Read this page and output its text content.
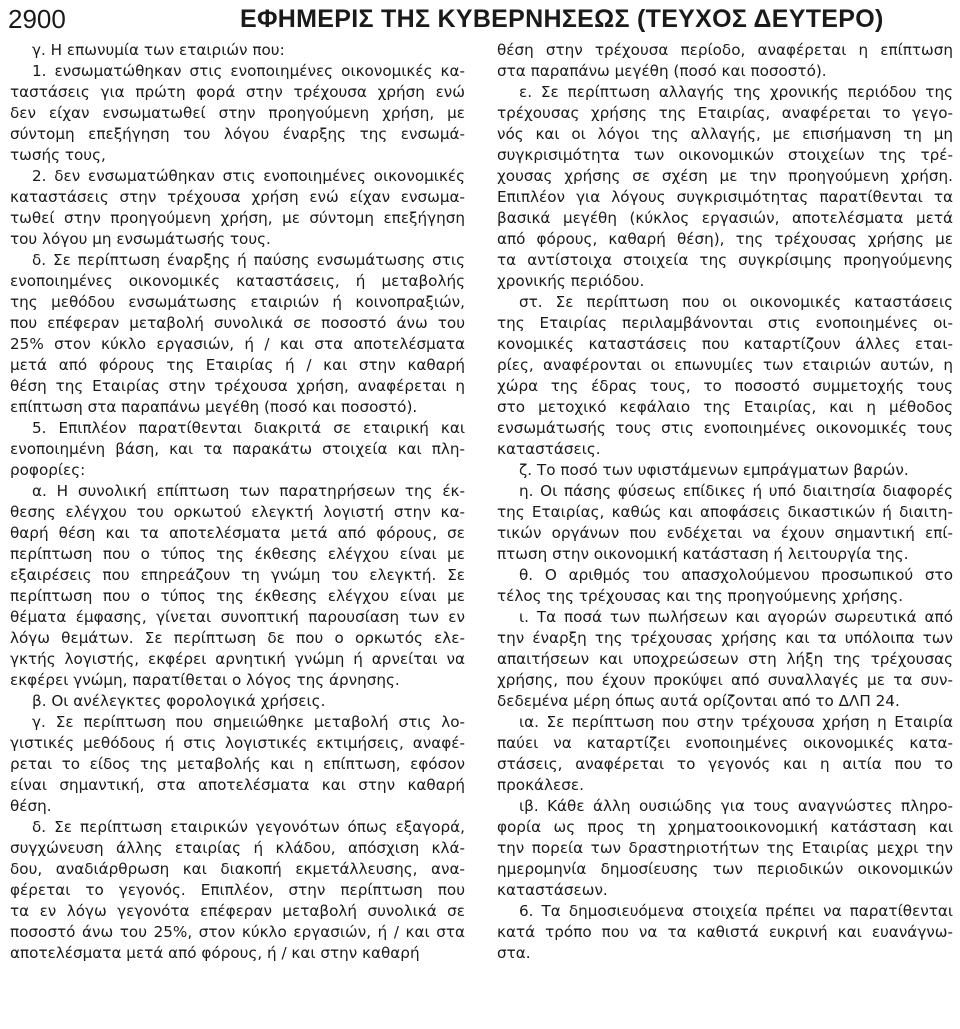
2900	ΕΦΗΜΕΡΙΣ ΤΗΣ ΚΥΒΕΡΝΗΣΕΩΣ (ΤΕΥΧΟΣ ΔΕΥΤΕΡΟ)
γ. Η επωνυμία των εταιριών που:
1. ενσωματώθηκαν στις ενοποιημένες οικονομικές κα-
ταστάσεις για πρώτη φορά στην τρέχουσα χρήση ενώ
δεν είχαν ενσωματωθεί στην προηγούμενη χρήση, με
σύντομη επεξήγηση του λόγου έναρξης της ενσωμά-
τωσής τους,
2. δεν ενσωματώθηκαν στις ενοποιημένες οικονομικές
καταστάσεις στην τρέχουσα χρήση ενώ είχαν ενσωμα-
τωθεί στην προηγούμενη χρήση, με σύντομη επεξήγηση
του λόγου μη ενσωμάτωσής τους.
δ. Σε περίπτωση έναρξης ή παύσης ενσωμάτωσης στις
ενοποιημένες οικονομικές καταστάσεις, ή μεταβολής
της μεθόδου ενσωμάτωσης εταιριών ή κοινοπραξιών,
που επέφεραν μεταβολή συνολικά σε ποσοστό άνω του
25% στον κύκλο εργασιών, ή / και στα αποτελέσματα
μετά από φόρους της Εταιρίας ή / και στην καθαρή
θέση της Εταιρίας στην τρέχουσα χρήση, αναφέρεται η
επίπτωση στα παραπάνω μεγέθη (ποσό και ποσοστό).
5. Επιπλέον παρατίθενται διακριτά σε εταιρική και
ενοποιημένη βάση, και τα παρακάτω στοιχεία και πλη-
ροφορίες:
α. Η συνολική επίπτωση των παρατηρήσεων της έκ-
θεσης ελέγχου του ορκωτού ελεγκτή λογιστή στην κα-
θαρή θέση και τα αποτελέσματα μετά από φόρους, σε
περίπτωση που ο τύπος της έκθεσης ελέγχου είναι με
εξαιρέσεις που επηρεάζουν τη γνώμη του ελεγκτή. Σε
περίπτωση που ο τύπος της έκθεσης ελέγχου είναι με
θέματα έμφασης, γίνεται συνοπτική παρουσίαση των εν
λόγω θεμάτων. Σε περίπτωση δε που ο ορκωτός ελε-
γκτής λογιστής, εκφέρει αρνητική γνώμη ή αρνείται να
εκφέρει γνώμη, παρατίθεται ο λόγος της άρνησης.
β. Οι ανέλεγκτες φορολογικά χρήσεις.
γ. Σε περίπτωση που σημειώθηκε μεταβολή στις λο-
γιστικές μεθόδους ή στις λογιστικές εκτιμήσεις, αναφέ-
ρεται το είδος της μεταβολής και η επίπτωση, εφόσον
είναι σημαντική, στα αποτελέσματα και στην καθαρή
θέση.
δ. Σε περίπτωση εταιρικών γεγονότων όπως εξαγορά,
συγχώνευση άλλης εταιρίας ή κλάδου, απόσχιση κλά-
δου, αναδιάρθρωση και διακοπή εκμετάλλευσης, ανα-
φέρεται το γεγονός. Επιπλέον, στην περίπτωση που
τα εν λόγω γεγονότα επέφεραν μεταβολή συνολικά σε
ποσοστό άνω του 25%, στον κύκλο εργασιών, ή / και στα
αποτελέσματα μετά από φόρους, ή / και στην καθαρή
θέση στην τρέχουσα περίοδο, αναφέρεται η επίπτωση
στα παραπάνω μεγέθη (ποσό και ποσοστό).
ε. Σε περίπτωση αλλαγής της χρονικής περιόδου της
τρέχουσας χρήσης της Εταιρίας, αναφέρεται το γεγο-
νός και οι λόγοι της αλλαγής, με επισήμανση τη μη
συγκρισιμότητα των οικονομικών στοιχείων της τρέ-
χουσας χρήσης σε σχέση με την προηγούμενη χρήση.
Επιπλέον για λόγους συγκρισιμότητας παρατίθενται τα
βασικά μεγέθη (κύκλος εργασιών, αποτελέσματα μετά
από φόρους, καθαρή θέση), της τρέχουσας χρήσης με
τα αντίστοιχα στοιχεία της συγκρίσιμης προηγούμενης
χρονικής περιόδου.
στ. Σε περίπτωση που οι οικονομικές καταστάσεις
της Εταιρίας περιλαμβάνονται στις ενοποιημένες οι-
κονομικές καταστάσεις που καταρτίζουν άλλες εται-
ρίες, αναφέρονται οι επωνυμίες των εταιριών αυτών, η
χώρα της έδρας τους, το ποσοστό συμμετοχής τους
στο μετοχικό κεφάλαιο της Εταιρίας, και η μέθοδος
ενσωμάτωσής τους στις ενοποιημένες οικονομικές τους
καταστάσεις.
ζ. Το ποσό των υφιστάμενων εμπράγματων βαρών.
η. Οι πάσης φύσεως επίδικες ή υπό διαιτησία διαφορές
της Εταιρίας, καθώς και αποφάσεις δικαστικών ή διαιτη-
τικών οργάνων που ενδέχεται να έχουν σημαντική επί-
πτωση στην οικονομική κατάσταση ή λειτουργία της.
θ. Ο αριθμός του απασχολούμενου προσωπικού στο
τέλος της τρέχουσας και της προηγούμενης χρήσης.
ι. Τα ποσά των πωλήσεων και αγορών σωρευτικά από
την έναρξη της τρέχουσας χρήσης και τα υπόλοιπα των
απαιτήσεων και υποχρεώσεων στη λήξη της τρέχουσας
χρήσης, που έχουν προκύψει από συναλλαγές με τα συν-
δεδεμένα μέρη όπως αυτά ορίζονται από το ΔΛΠ 24.
ια. Σε περίπτωση που στην τρέχουσα χρήση η Εταιρία
παύει να καταρτίζει ενοποιημένες οικονομικές κατα-
στάσεις, αναφέρεται το γεγονός και η αιτία που το
προκάλεσε.
ιβ. Κάθε άλλη ουσιώδης για τους αναγνώστες πληρο-
φορία ως προς τη χρηματοοικονομική κατάσταση και
την πορεία των δραστηριοτήτων της Εταιρίας μεχρι την
ημερομηνία δημοσίευσης των περιοδικών οικονομικών
καταστάσεων.
6. Τα δημοσιευόμενα στοιχεία πρέπει να παρατίθενται
κατά τρόπο που να τα καθιστά ευκρινή και ευανάγνω-
στα.
